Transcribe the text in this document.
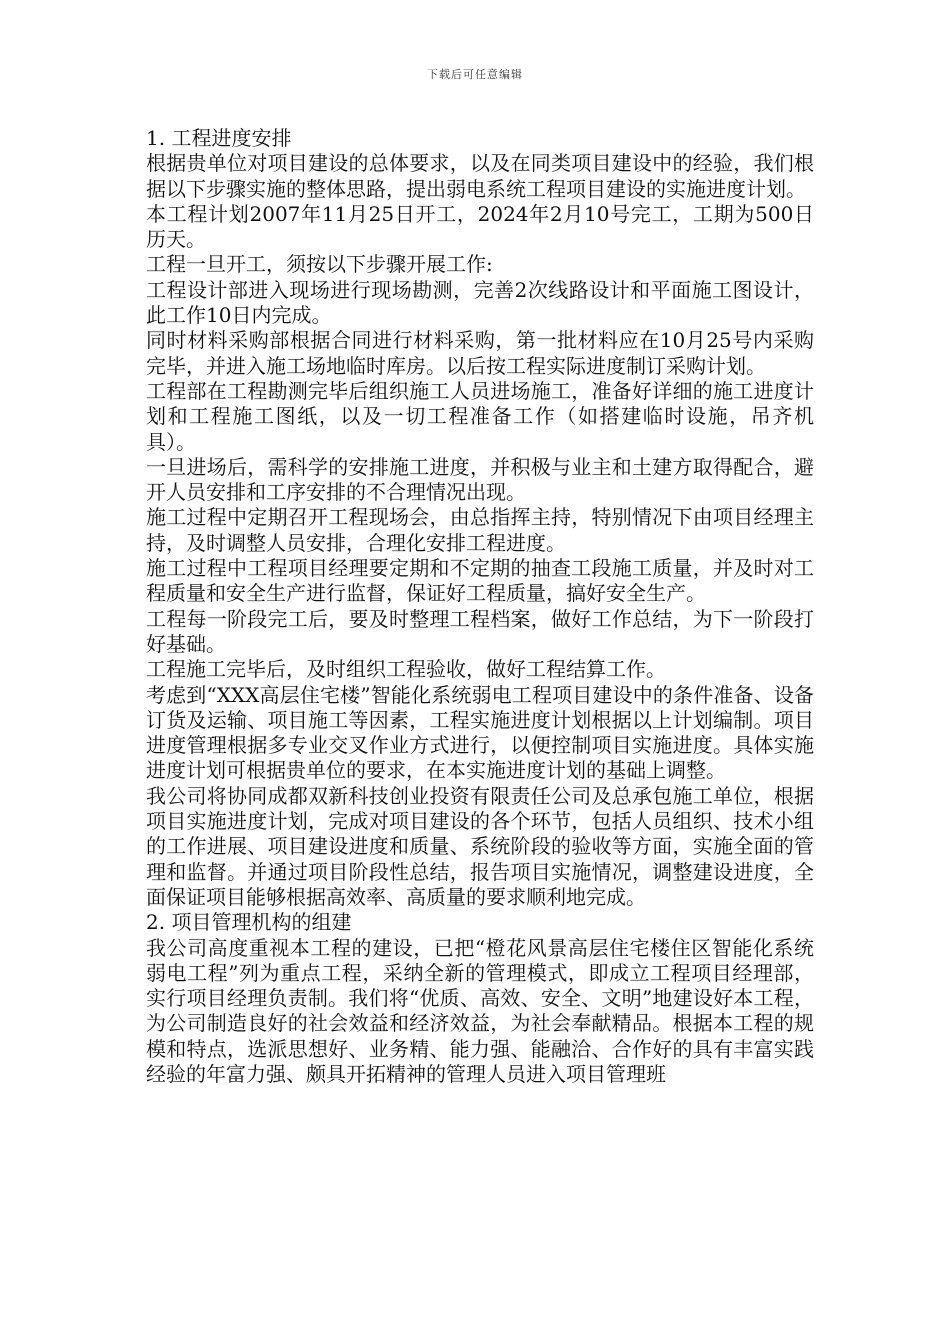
下载后可任意编辑

1. 工程进度安排

根据贵单位对项目建设的总体要求，以及在同类项目建设中的经验，我们根据以下步骤实施的整体思路，提出弱电系统工程项目建设的实施进度计划。

本工程计划2007年11月25日开工，2024年2月10号完工，工期为500日历天。

工程一旦开工，须按以下步骤开展工作:

工程设计部进入现场进行现场勘测，完善2次线路设计和平面施工图设计，此工作10日内完成。

同时材料采购部根据合同进行材料采购，第一批材料应在10月25号内采购完毕，并进入施工场地临时库房。以后按工程实际进度制订采购计划。

工程部在工程勘测完毕后组织施工人员进场施工，准备好详细的施工进度计划和工程施工图纸，以及一切工程准备工作（如搭建临时设施，吊齐机具）。

一旦进场后，需科学的安排施工进度，并积极与业主和土建方取得配合，避开人员安排和工序安排的不合理情况出现。

施工过程中定期召开工程现场会，由总指挥主持，特别情况下由项目经理主持，及时调整人员安排，合理化安排工程进度。

施工过程中工程项目经理要定期和不定期的抽查工段施工质量，并及时对工程质量和安全生产进行监督，保证好工程质量，搞好安全生产。

工程每一阶段完工后，要及时整理工程档案，做好工作总结，为下一阶段打好基础。

工程施工完毕后，及时组织工程验收，做好工程结算工作。

考虑到“XXX高层住宅楼”智能化系统弱电工程项目建设中的条件准备、设备订货及运输、项目施工等因素，工程实施进度计划根据以上计划编制。项目进度管理根据多专业交叉作业方式进行，以便控制项目实施进度。具体实施进度计划可根据贵单位的要求，在本实施进度计划的基础上调整。

我公司将协同成都双新科技创业投资有限责任公司及总承包施工单位，根据项目实施进度计划，完成对项目建设的各个环节，包括人员组织、技术小组的工作进展、项目建设进度和质量、系统阶段的验收等方面，实施全面的管理和监督。并通过项目阶段性总结，报告项目实施情况，调整建设进度，全面保证项目能够根据高效率、高质量的要求顺利地完成。

2. 项目管理机构的组建

我公司高度重视本工程的建设，已把“橙花风景高层住宅楼住区智能化系统弱电工程”列为重点工程，采纳全新的管理模式，即成立工程项目经理部，实行项目经理负责制。我们将“优质、高效、安全、文明”地建设好本工程，为公司制造良好的社会效益和经济效益，为社会奉献精品。根据本工程的规模和特点，选派思想好、业务精、能力强、能融洽、合作好的具有丰富实践经验的年富力强、颇具开拓精神的管理人员进入项目管理班
